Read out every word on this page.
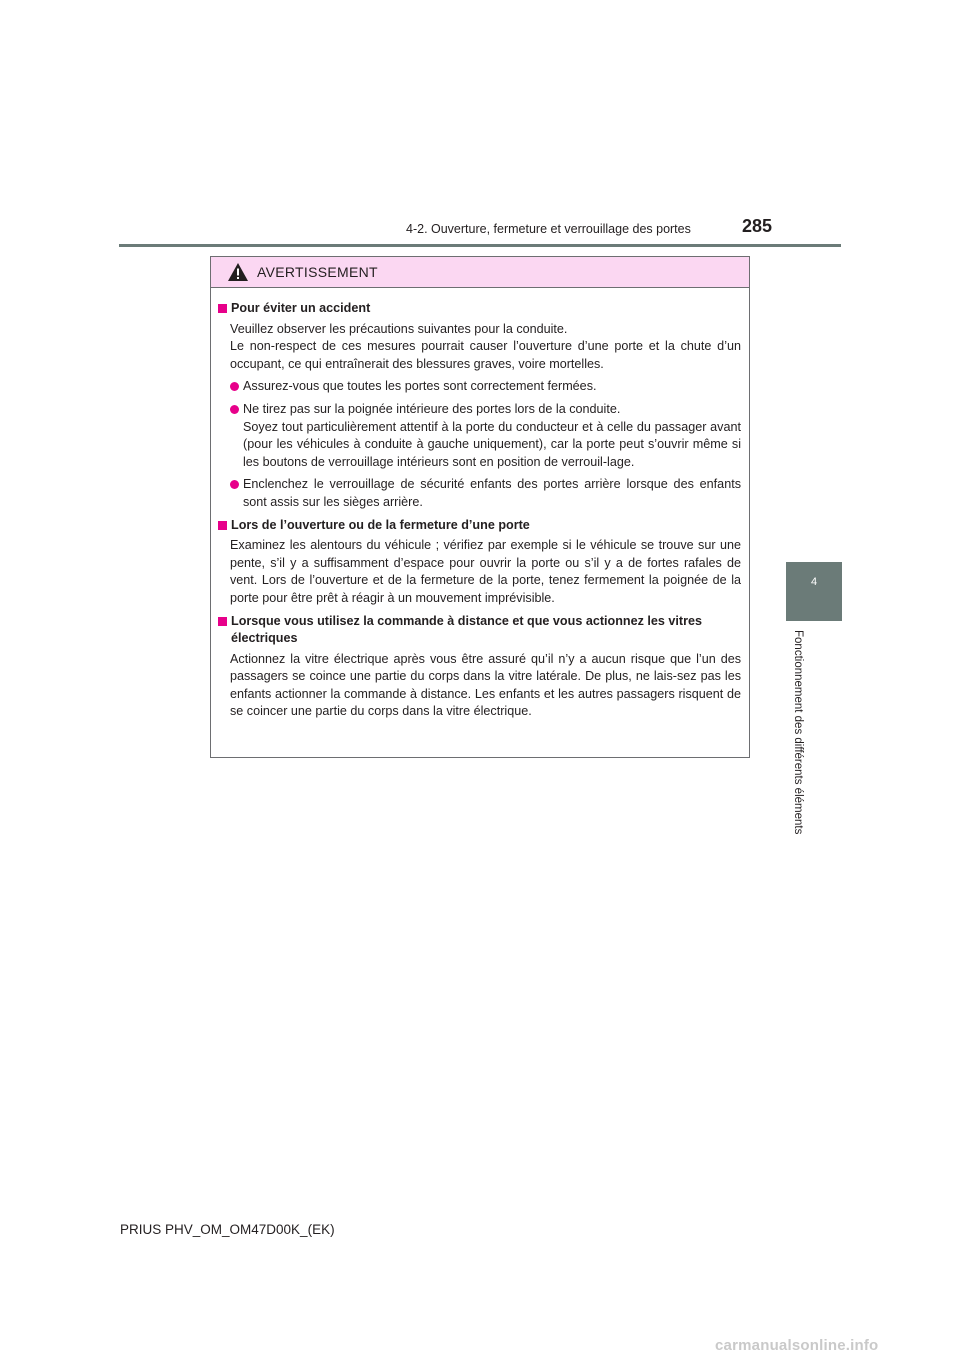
4-2. Ouverture, fermeture et verrouillage des portes	285
4
Fonctionnement des différents éléments
AVERTISSEMENT
Pour éviter un accident

Veuillez observer les précautions suivantes pour la conduite.

Le non-respect de ces mesures pourrait causer l’ouverture d’une porte et la chute d’un occupant, ce qui entraînerait des blessures graves, voire mortelles.

Assurez-vous que toutes les portes sont correctement fermées.

Ne tirez pas sur la poignée intérieure des portes lors de la conduite.

Soyez tout particulièrement attentif à la porte du conducteur et à celle du passager avant (pour les véhicules à conduite à gauche uniquement), car la porte peut s’ouvrir même si les boutons de verrouillage intérieurs sont en position de verrouil-lage.

Enclenchez le verrouillage de sécurité enfants des portes arrière lorsque des enfants sont assis sur les sièges arrière.

Lors de l’ouverture ou de la fermeture d’une porte

Examinez les alentours du véhicule ; vérifiez par exemple si le véhicule se trouve sur une pente, s’il y a suffisamment d’espace pour ouvrir la porte ou s’il y a de fortes rafales de vent. Lors de l’ouverture et de la fermeture de la porte, tenez fermement la poignée de la porte pour être prêt à réagir à un mouvement imprévisible.

Lorsque vous utilisez la commande à distance et que vous actionnez les vitres électriques

Actionnez la vitre électrique après vous être assuré qu’il n’y a aucun risque que l’un des passagers se coince une partie du corps dans la vitre latérale. De plus, ne lais-sez pas les enfants actionner la commande à distance. Les enfants et les autres passagers risquent de se coincer une partie du corps dans la vitre électrique.

PRIUS PHV_OM_OM47D00K_(EK)
carmanualsonline.info
